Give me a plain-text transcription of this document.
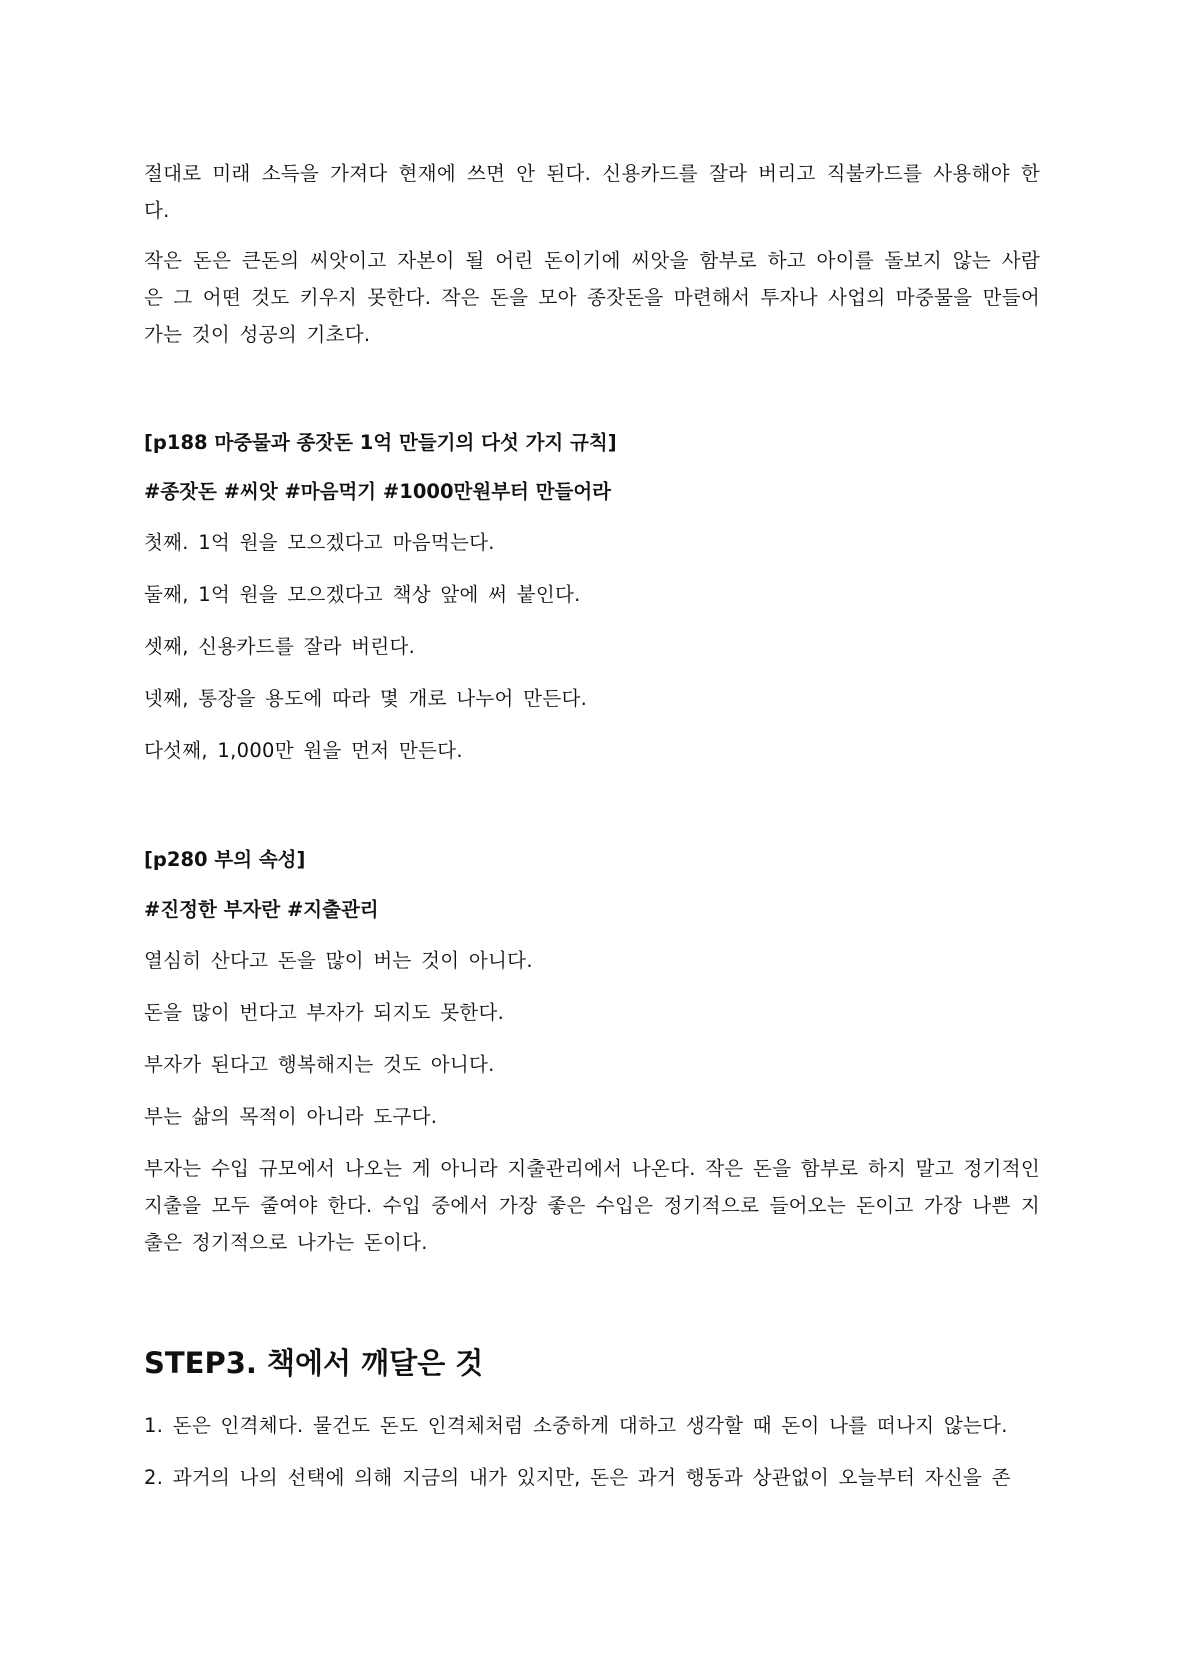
절대로 미래 소득을 가져다 현재에 쓰면 안 된다. 신용카드를 잘라 버리고 직불카드를 사용해야 한다.

작은 돈은 큰돈의 씨앗이고 자본이 될 어린 돈이기에 씨앗을 함부로 하고 아이를 돌보지 않는 사람은 그 어떤 것도 키우지 못한다. 작은 돈을 모아 종잣돈을 마련해서 투자나 사업의 마중물을 만들어가는 것이 성공의 기초다.

[p188 마중물과 종잣돈 1억 만들기의 다섯 가지 규칙]

#종잣돈 #씨앗 #마음먹기 #1000만원부터 만들어라

첫째. 1억 원을 모으겠다고 마음먹는다.

둘째, 1억 원을 모으겠다고 책상 앞에 써 붙인다.

셋째, 신용카드를 잘라 버린다.

넷째, 통장을 용도에 따라 몇 개로 나누어 만든다.

다섯째, 1,000만 원을 먼저 만든다.

[p280 부의 속성]

#진정한 부자란 #지출관리

열심히 산다고 돈을 많이 버는 것이 아니다.

돈을 많이 번다고 부자가 되지도 못한다.

부자가 된다고 행복해지는 것도 아니다.

부는 삶의 목적이 아니라 도구다.

부자는 수입 규모에서 나오는 게 아니라 지출관리에서 나온다. 작은 돈을 함부로 하지 말고 정기적인 지출을 모두 줄여야 한다. 수입 중에서 가장 좋은 수입은 정기적으로 들어오는 돈이고 가장 나쁜 지출은 정기적으로 나가는 돈이다.

STEP3. 책에서 깨달은 것

1. 돈은 인격체다. 물건도 돈도 인격체처럼 소중하게 대하고 생각할 때 돈이 나를 떠나지 않는다.

2. 과거의 나의 선택에 의해 지금의 내가 있지만, 돈은 과거 행동과 상관없이 오늘부터 자신을 존
